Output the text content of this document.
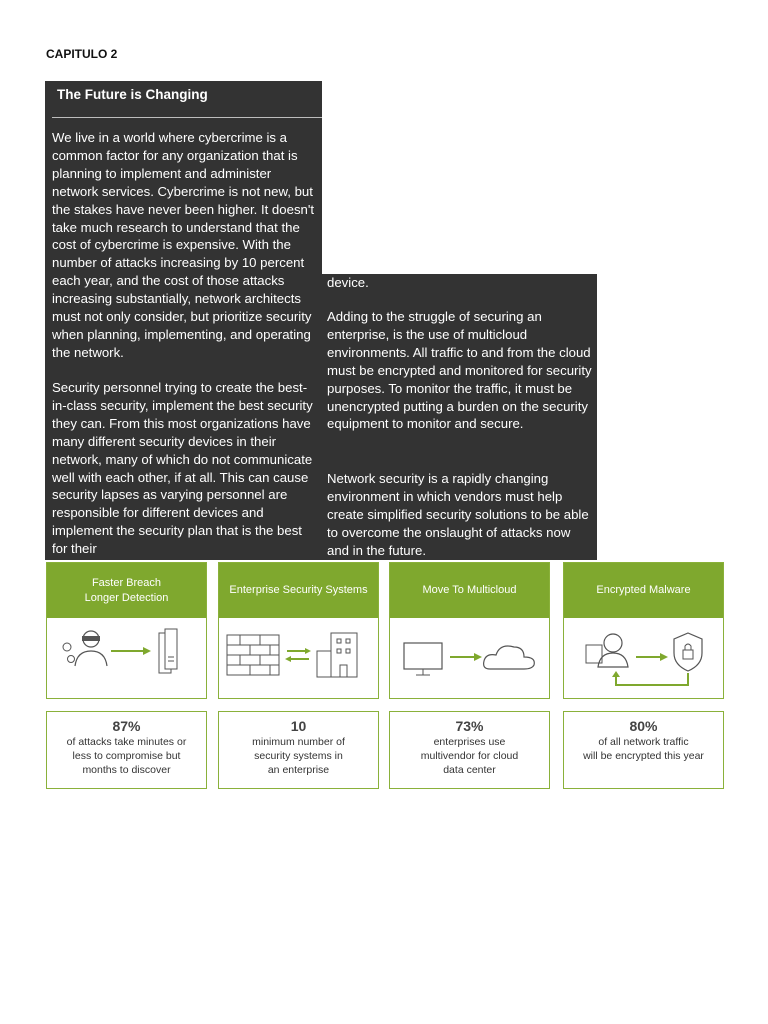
CAPITULO 2
The Future is Changing

We live in a world where cybercrime is a common factor for any organization that is planning to implement and administer network services. Cybercrime is not new, but the stakes have never been higher. It doesn't take much research to understand that the cost of cybercrime is expensive. With the number of attacks increasing by 10 percent each year, and the cost of those attacks increasing substantially, network architects must not only consider, but prioritize security when planning, implementing, and operating the network.

Security personnel trying to create the best-in-class security, implement the best security they can. From this most organizations have many different security devices in their network, many of which do not communicate well with each other, if at all. This can cause security lapses as varying personnel are responsible for different devices and implement the security plan that is the best for their

device.

Adding to the struggle of securing an enterprise, is the use of multicloud environments. All traffic to and from the cloud must be encrypted and monitored for security purposes. To monitor the traffic, it must be unencrypted putting a burden on the security equipment to monitor and secure.

Network security is a rapidly changing environment in which vendors must help create simplified security solutions to be able to overcome the onslaught of attacks now and in the future.

Faster Breach
Longer Detection
Enterprise Security Systems	Move To Multicloud	Encrypted Malware
87%
of attacks take minutes or
less to compromise but
months to discover
10
minimum number of
security systems in
an enterprise
73%
enterprises use
multivendor for cloud
data center
80%
of all network traffic
will be encrypted this year
